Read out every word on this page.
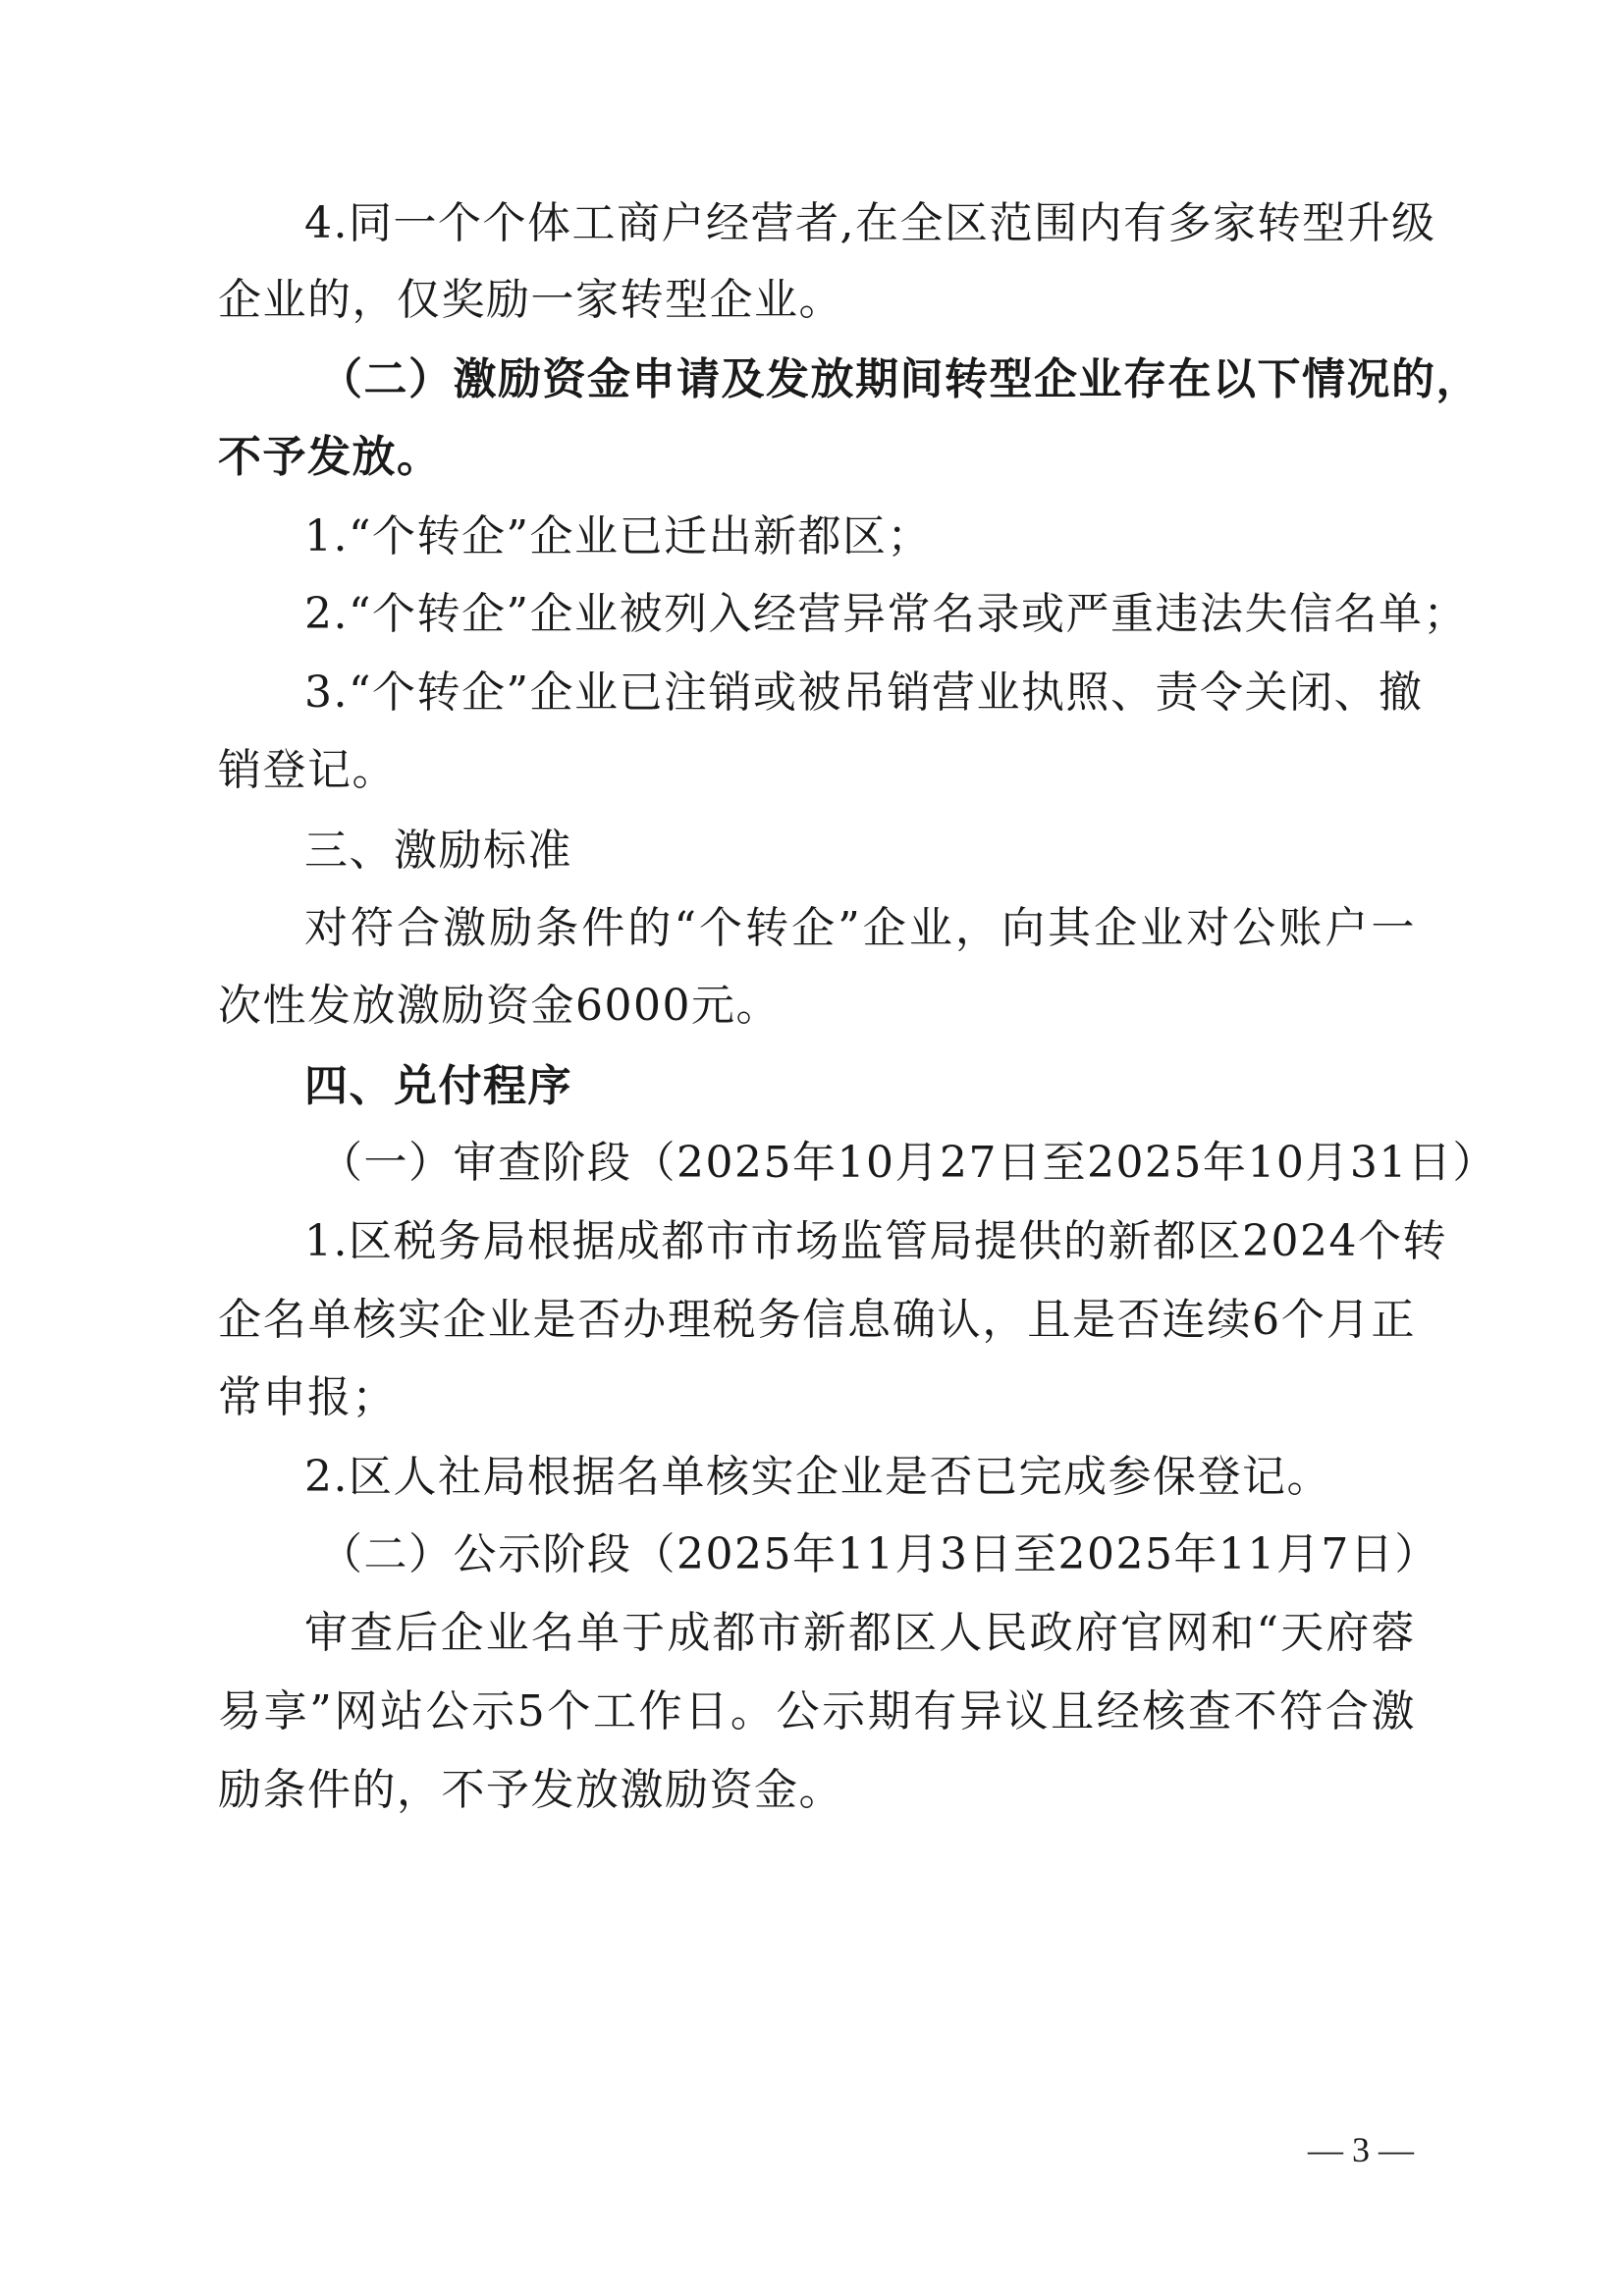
4.同一个个体工商户经营者,在全区范围内有多家转型升级
企业的，仅奖励一家转型企业。
（二）激励资金申请及发放期间转型企业存在以下情况的，
不予发放。
1.“个转企”企业已迁出新都区；
2.“个转企”企业被列入经营异常名录或严重违法失信名单；
3.“个转企”企业已注销或被吊销营业执照、责令关闭、撤
销登记。
三、激励标准
对符合激励条件的“个转企”企业，向其企业对公账户一
次性发放激励资金6000元。
四、兑付程序
（一）审查阶段（2025年10月27日至2025年10月31日）
1.区税务局根据成都市市场监管局提供的新都区2024个转
企名单核实企业是否办理税务信息确认，且是否连续6个月正
常申报；
2.区人社局根据名单核实企业是否已完成参保登记。
（二）公示阶段（2025年11月3日至2025年11月7日）
审查后企业名单于成都市新都区人民政府官网和“天府蓉
易享”网站公示5个工作日。公示期有异议且经核查不符合激
励条件的，不予发放激励资金。
— 3 —
